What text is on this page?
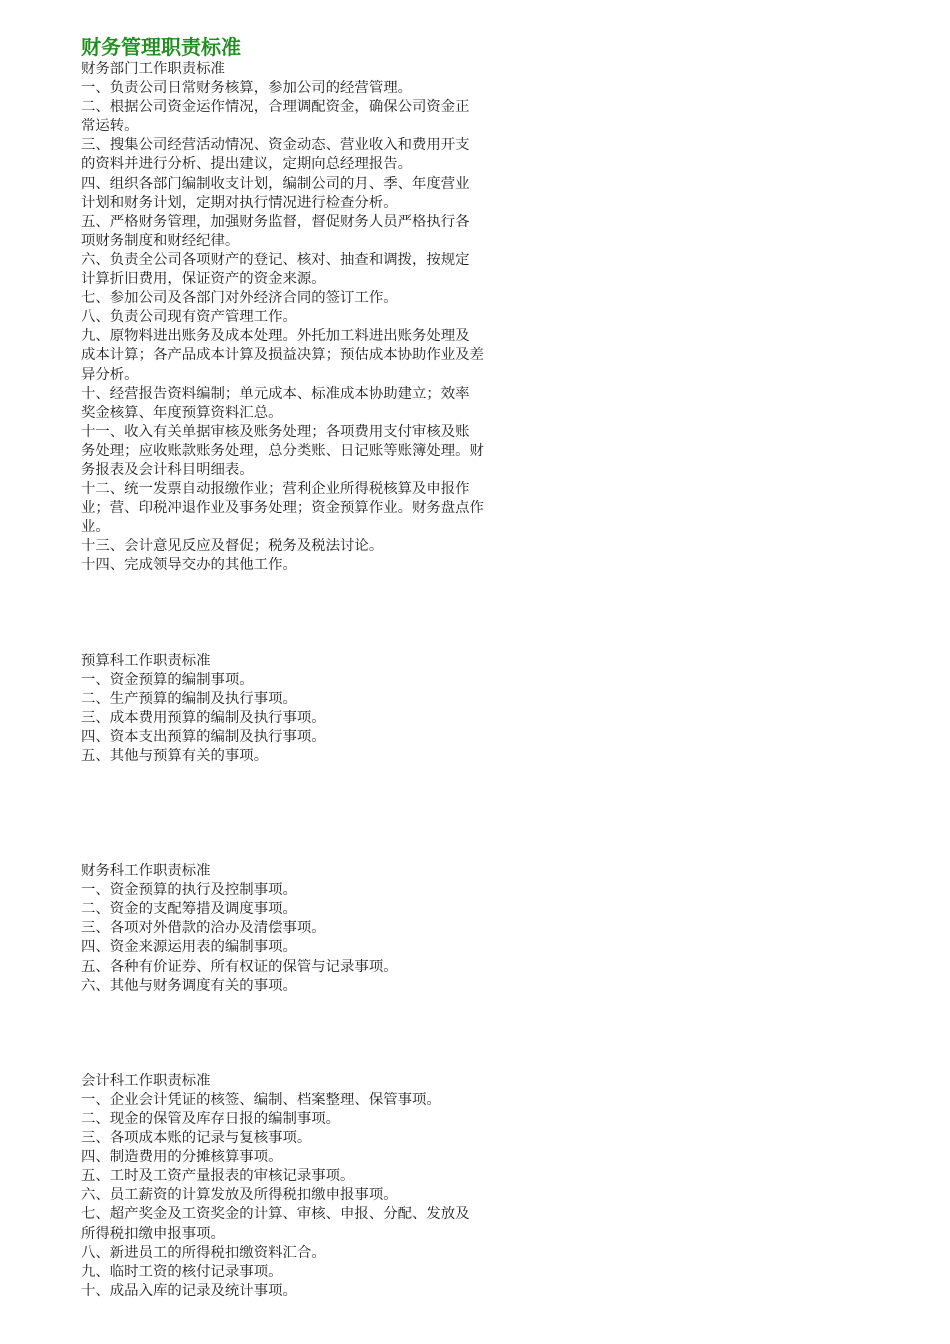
财务管理职责标准
财务部门工作职责标准
一、负责公司日常财务核算，参加公司的经营管理。
二、根据公司资金运作情况，合理调配资金，确保公司资金正
常运转。
三、搜集公司经营活动情况、资金动态、营业收入和费用开支
的资料并进行分析、提出建议，定期向总经理报告。
四、组织各部门编制收支计划，编制公司的月、季、年度营业
计划和财务计划，定期对执行情况进行检查分析。
五、严格财务管理，加强财务监督，督促财务人员严格执行各
项财务制度和财经纪律。
六、负责全公司各项财产的登记、核对、抽查和调拨，按规定
计算折旧费用，保证资产的资金来源。
七、参加公司及各部门对外经济合同的签订工作。
八、负责公司现有资产管理工作。
九、原物料进出账务及成本处理。外托加工料进出账务处理及
成本计算；各产品成本计算及损益决算；预估成本协助作业及差
异分析。
十、经营报告资料编制；单元成本、标准成本协助建立；效率
奖金核算、年度预算资料汇总。
十一、收入有关单据审核及账务处理；各项费用支付审核及账
务处理；应收账款账务处理，总分类账、日记账等账簿处理。财
务报表及会计科目明细表。
十二、统一发票自动报缴作业；营利企业所得税核算及申报作
业；营、印税冲退作业及事务处理；资金预算作业。财务盘点作
业。
十三、会计意见反应及督促；税务及税法讨论。
十四、完成领导交办的其他工作。
预算科工作职责标准
一、资金预算的编制事项。
二、生产预算的编制及执行事项。
三、成本费用预算的编制及执行事项。
四、资本支出预算的编制及执行事项。
五、其他与预算有关的事项。
财务科工作职责标准
一、资金预算的执行及控制事项。
二、资金的支配筹措及调度事项。
三、各项对外借款的洽办及清偿事项。
四、资金来源运用表的编制事项。
五、各种有价证券、所有权证的保管与记录事项。
六、其他与财务调度有关的事项。
会计科工作职责标准
一、企业会计凭证的核签、编制、档案整理、保管事项。
二、现金的保管及库存日报的编制事项。
三、各项成本账的记录与复核事项。
四、制造费用的分摊核算事项。
五、工时及工资产量报表的审核记录事项。
六、员工薪资的计算发放及所得税扣缴申报事项。
七、超产奖金及工资奖金的计算、审核、申报、分配、发放及
所得税扣缴申报事项。
八、新进员工的所得税扣缴资料汇合。
九、临时工资的核付记录事项。
十、成品入库的记录及统计事项。
